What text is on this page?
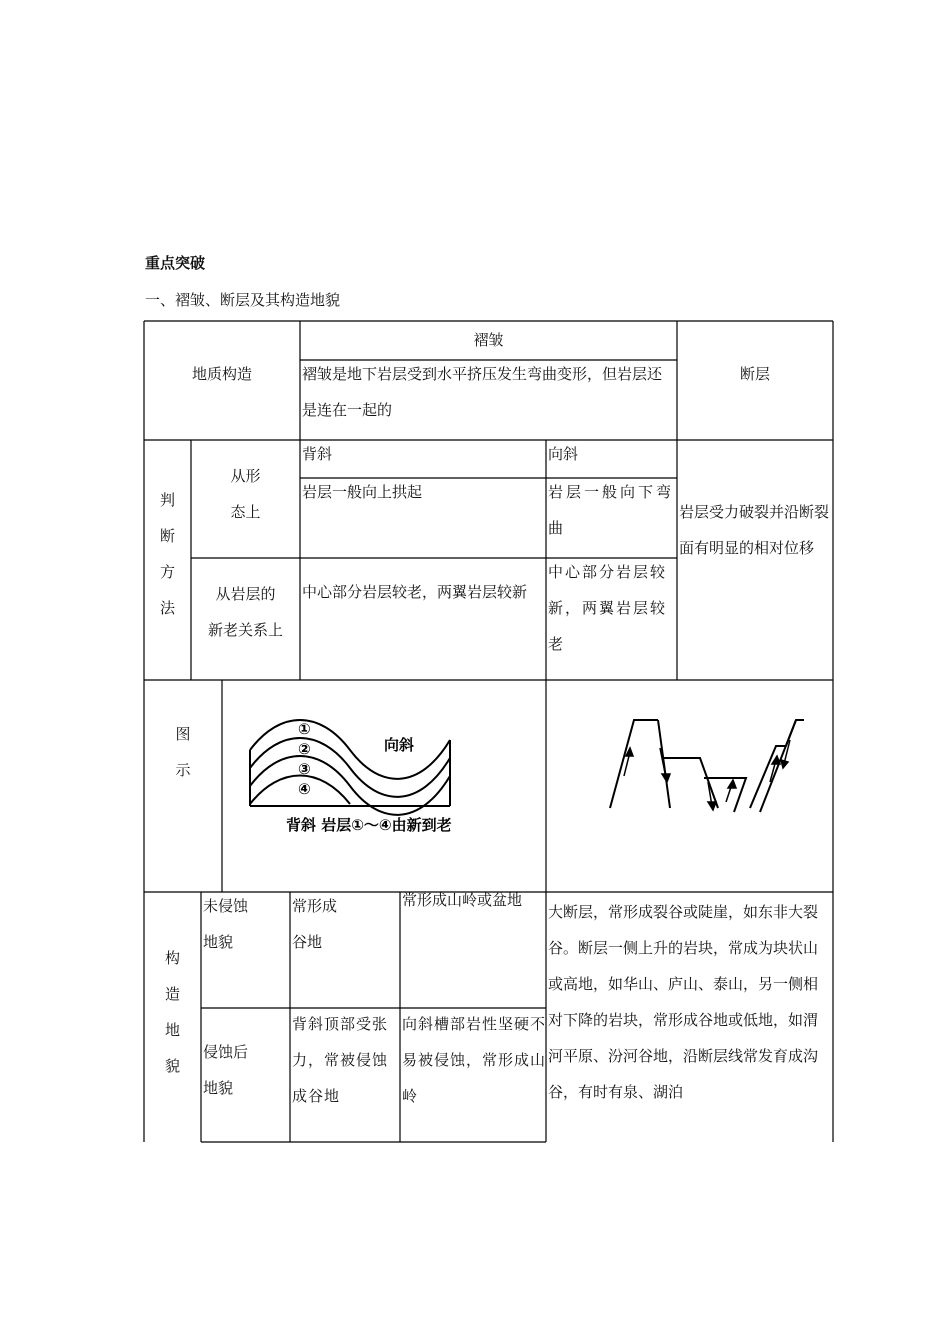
重点突破
一、褶皱、断层及其构造地貌
地质构造
褶皱
褶皱是地下岩层受到水平挤压发生弯曲变形，但岩层还是连在一起的
断层
判
断
方
法
从形
态上
从岩层的
新老关系上
背斜	向斜
岩层一般向上拱起	岩层一般向下弯曲
中心部分岩层较老，两翼岩层较新
中心部分岩层较新，两翼岩层较老
岩层受力破裂并沿断裂面有明显的相对位移
图
示
①
②
③
④
向斜
背斜 岩层①～④由新到老
构
造
地
貌
未侵蚀
地貌
常形成
谷地
常形成山岭或盆地
侵蚀后
地貌
背斜顶部受张力，常被侵蚀成谷地
向斜槽部岩性坚硬不易被侵蚀，常形成山岭
大断层，常形成裂谷或陡崖，如东非大裂谷。断层一侧上升的岩块，常成为块状山或高地，如华山、庐山、泰山，另一侧相对下降的岩块，常形成谷地或低地，如渭河平原、汾河谷地，沿断层线常发育成沟谷，有时有泉、湖泊
